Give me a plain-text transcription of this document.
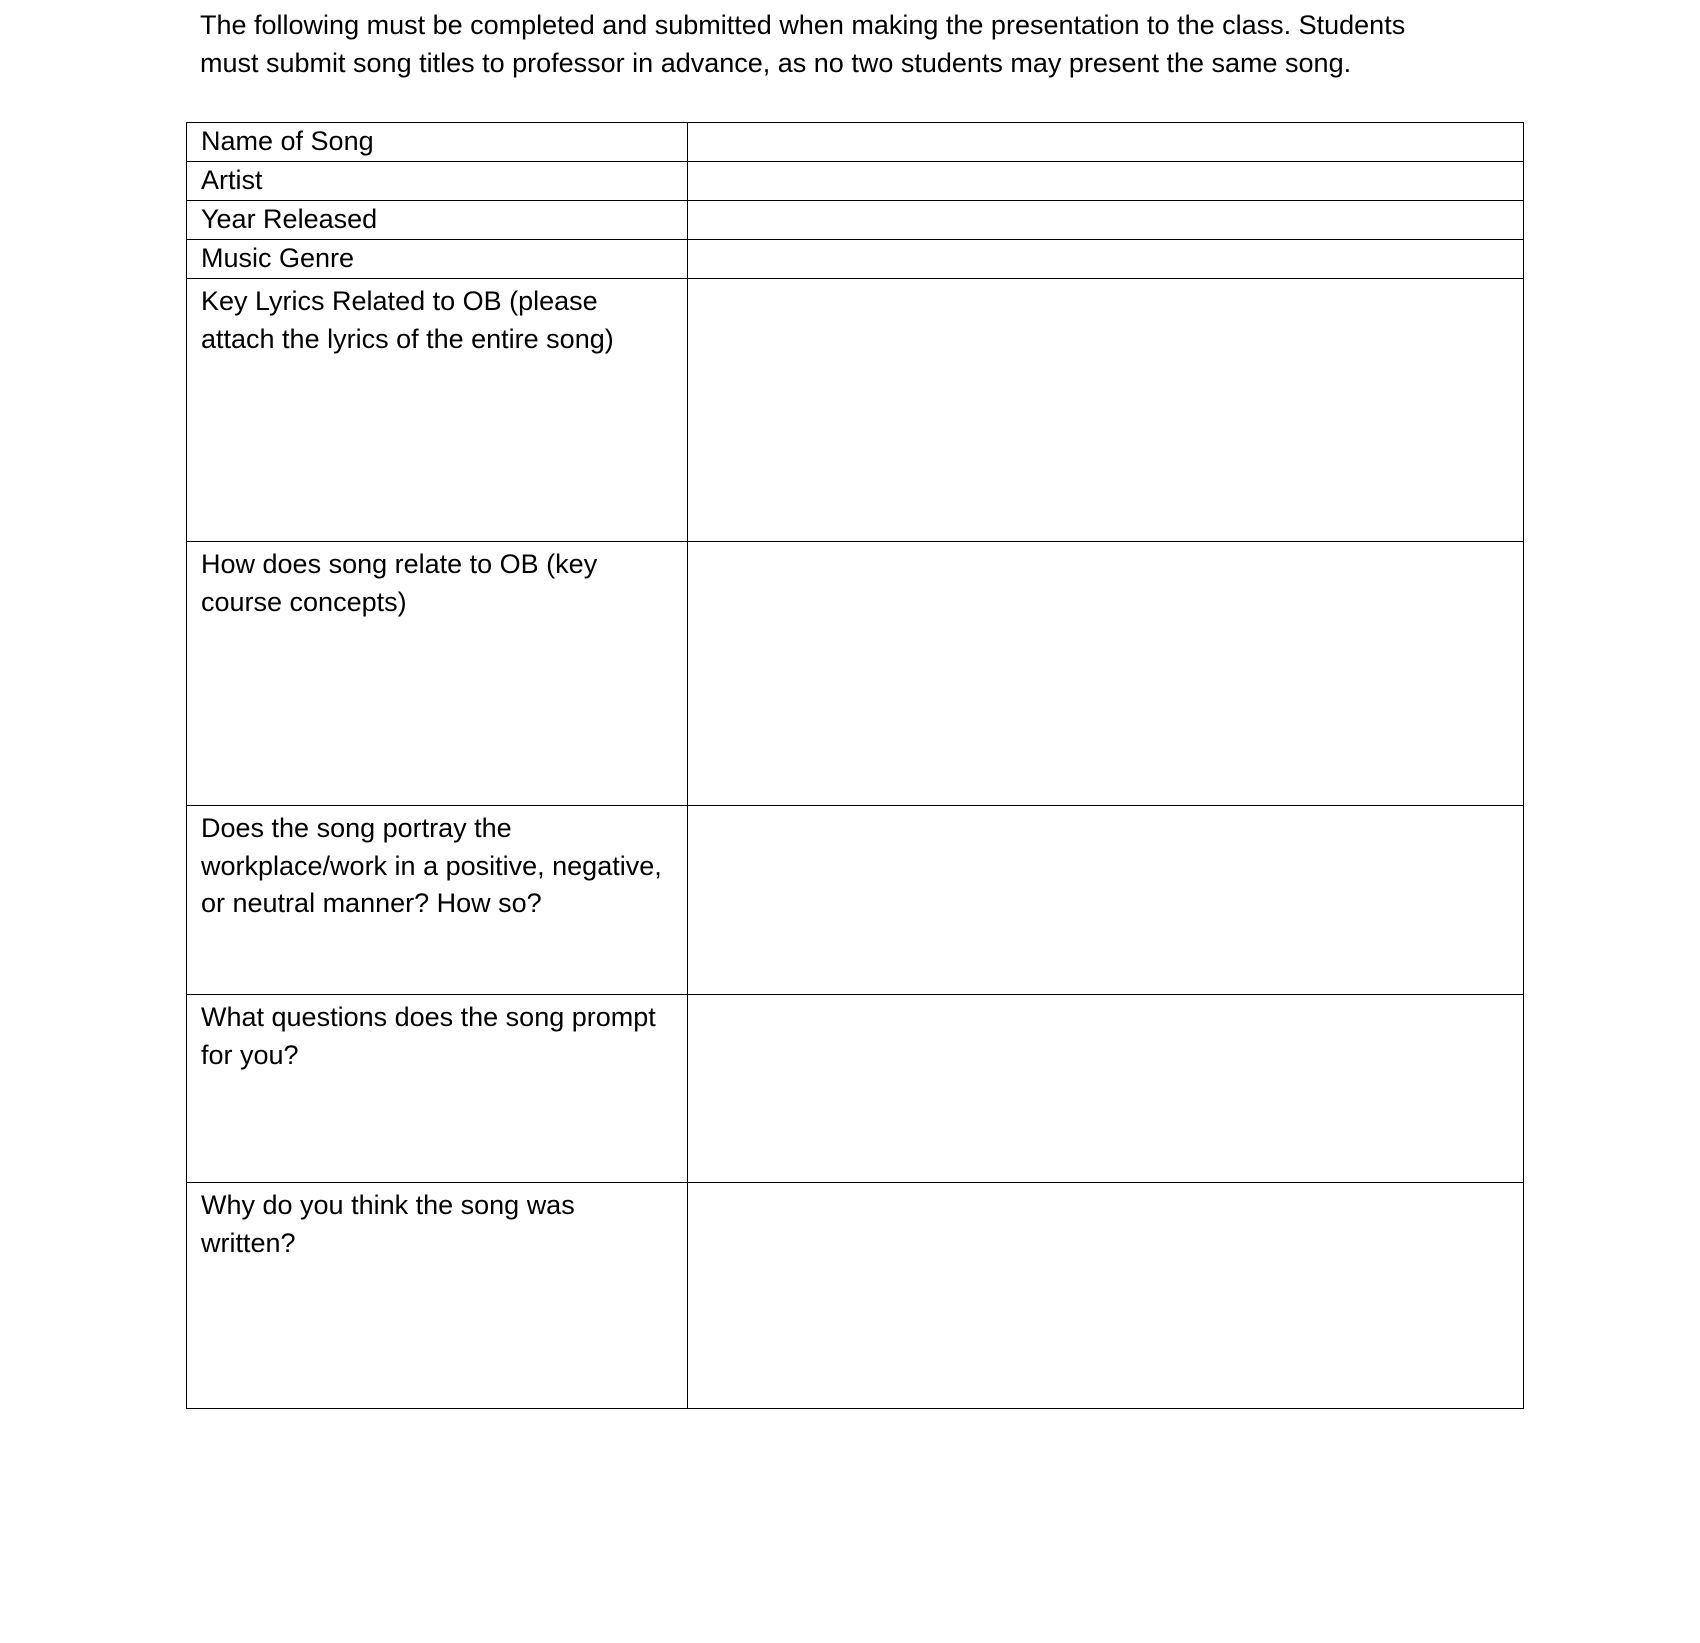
The following must be completed and submitted when making the presentation to the class. Students
must submit song titles to professor in advance, as no two students may present the same song.

Name of Song	
Artist	
Year Released	
Music Genre	
Key Lyrics Related to OB (please attach the lyrics of the entire song)	
How does song relate to OB (key course concepts)	
Does the song portray the workplace/work in a positive, negative, or neutral manner? How so?	
What questions does the song prompt for you?	
Why do you think the song was written?	
